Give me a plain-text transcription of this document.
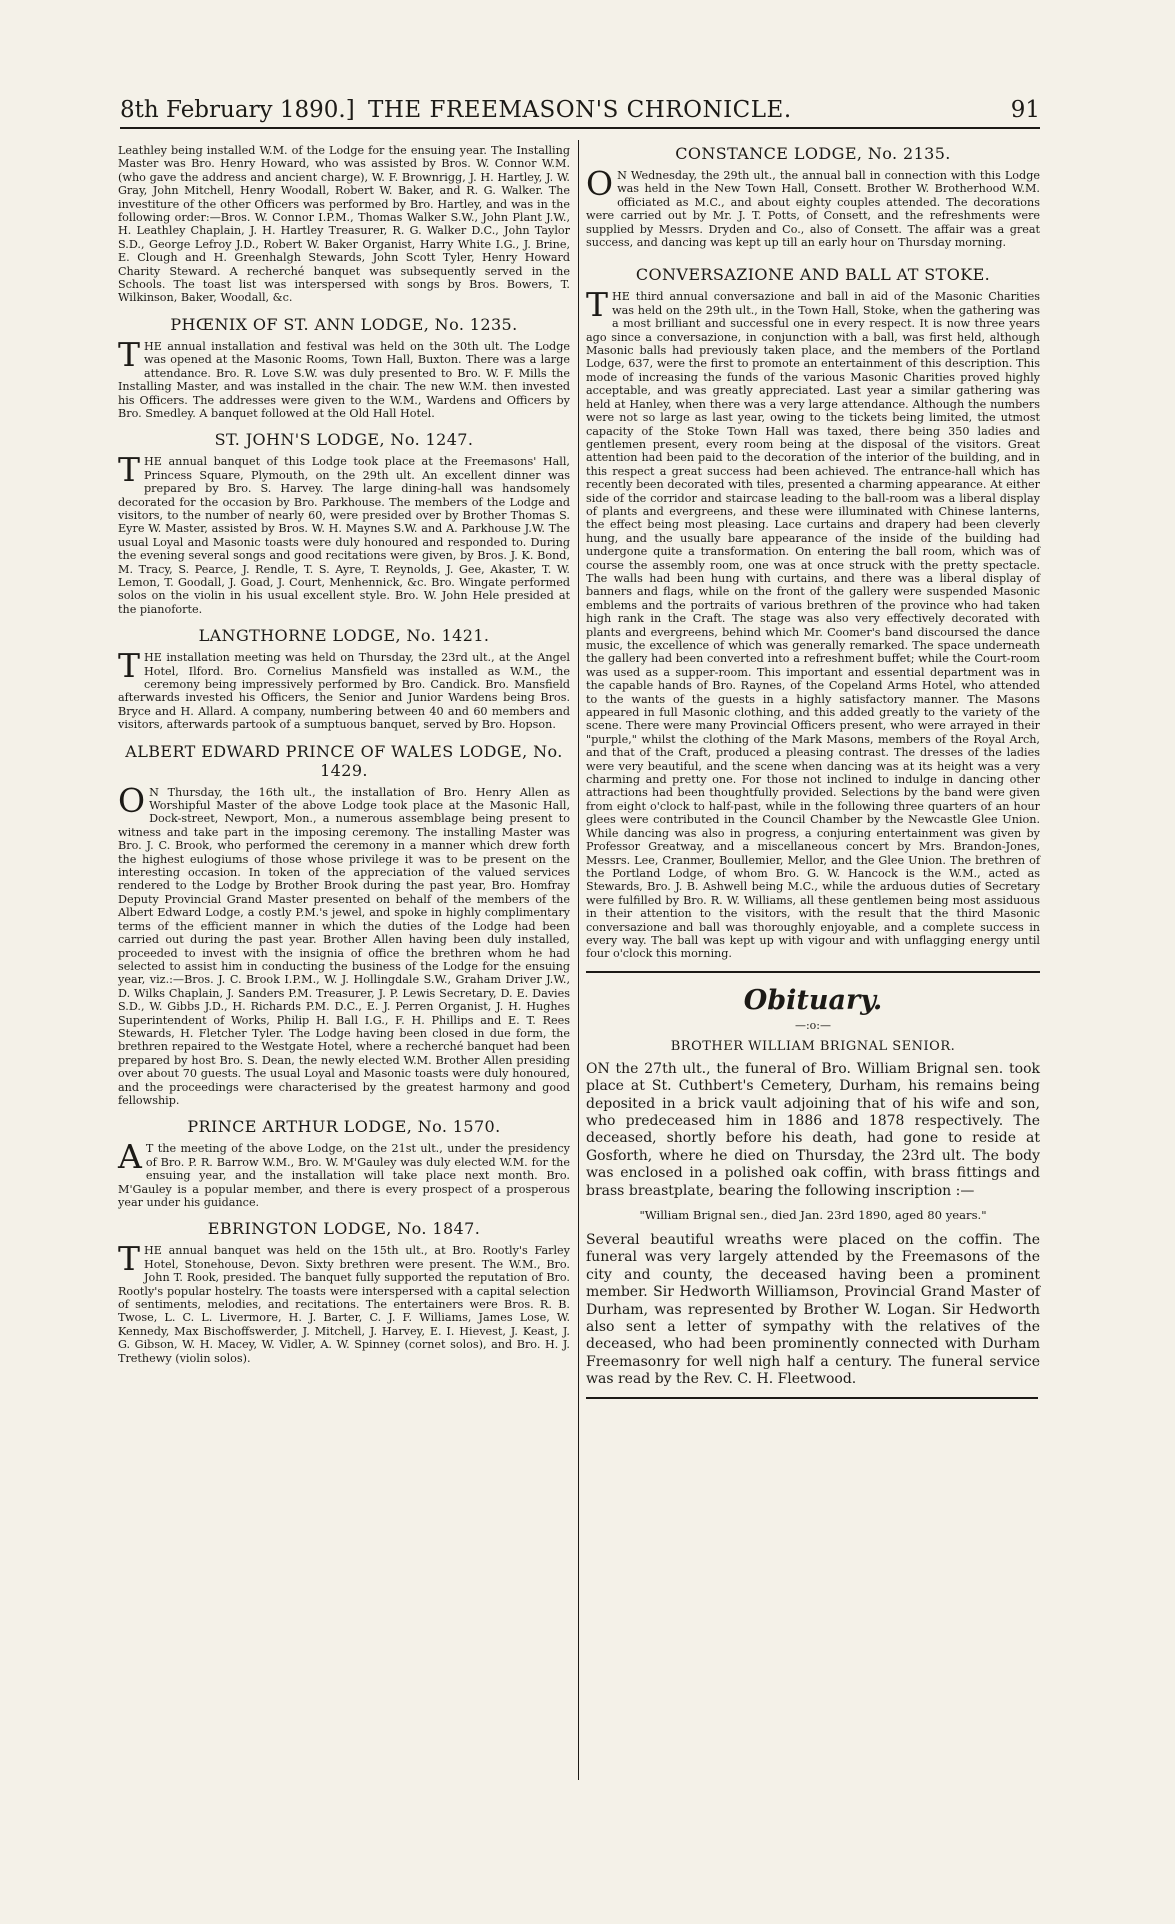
8th February 1890.] THE FREEMASON'S CHRONICLE.	91

Leathley being installed W.M. of the Lodge for the ensuing year. The Installing Master was Bro. Henry Howard, who was assisted by Bros. W. Connor W.M. (who gave the address and ancient charge), W. F. Brownrigg, J. H. Hartley, J. W. Gray, John Mitchell, Henry Woodall, Robert W. Baker, and R. G. Walker. The investiture of the other Officers was performed by Bro. Hartley, and was in the following order:—Bros. W. Connor I.P.M., Thomas Walker S.W., John Plant J.W., H. Leathley Chaplain, J. H. Hartley Treasurer, R. G. Walker D.C., John Taylor S.D., George Lefroy J.D., Robert W. Baker Organist, Harry White I.G., J. Brine, E. Clough and H. Greenhalgh Stewards, John Scott Tyler, Henry Howard Charity Steward. A recherché banquet was subsequently served in the Schools. The toast list was interspersed with songs by Bros. Bowers, T. Wilkinson, Baker, Woodall, &c.

PHŒNIX OF ST. ANN LODGE, No. 1235.

THE annual installation and festival was held on the 30th ult. The Lodge was opened at the Masonic Rooms, Town Hall, Buxton. There was a large attendance. Bro. R. Love S.W. was duly presented to Bro. W. F. Mills the Installing Master, and was installed in the chair. The new W.M. then invested his Officers. The addresses were given to the W.M., Wardens and Officers by Bro. Smedley. A banquet followed at the Old Hall Hotel.

ST. JOHN'S LODGE, No. 1247.

THE annual banquet of this Lodge took place at the Freemasons' Hall, Princess Square, Plymouth, on the 29th ult. An excellent dinner was prepared by Bro. S. Harvey. The large dining-hall was handsomely decorated for the occasion by Bro. Parkhouse. The members of the Lodge and visitors, to the number of nearly 60, were presided over by Brother Thomas S. Eyre W. Master, assisted by Bros. W. H. Maynes S.W. and A. Parkhouse J.W. The usual Loyal and Masonic toasts were duly honoured and responded to. During the evening several songs and good recitations were given, by Bros. J. K. Bond, M. Tracy, S. Pearce, J. Rendle, T. S. Ayre, T. Reynolds, J. Gee, Akaster, T. W. Lemon, T. Goodall, J. Goad, J. Court, Menhennick, &c. Bro. Wingate performed solos on the violin in his usual excellent style. Bro. W. John Hele presided at the pianoforte.

LANGTHORNE LODGE, No. 1421.

THE installation meeting was held on Thursday, the 23rd ult., at the Angel Hotel, Ilford. Bro. Cornelius Mansfield was installed as W.M., the ceremony being impressively performed by Bro. Candick. Bro. Mansfield afterwards invested his Officers, the Senior and Junior Wardens being Bros. Bryce and H. Allard. A company, numbering between 40 and 60 members and visitors, afterwards partook of a sumptuous banquet, served by Bro. Hopson.

ALBERT EDWARD PRINCE OF WALES LODGE, No. 1429.

ON Thursday, the 16th ult., the installation of Bro. Henry Allen as Worshipful Master of the above Lodge took place at the Masonic Hall, Dock-street, Newport, Mon., a numerous assemblage being present to witness and take part in the imposing ceremony. The installing Master was Bro. J. C. Brook, who performed the ceremony in a manner which drew forth the highest eulogiums of those whose privilege it was to be present on the interesting occasion. In token of the appreciation of the valued services rendered to the Lodge by Brother Brook during the past year, Bro. Homfray Deputy Provincial Grand Master presented on behalf of the members of the Albert Edward Lodge, a costly P.M.'s jewel, and spoke in highly complimentary terms of the efficient manner in which the duties of the Lodge had been carried out during the past year. Brother Allen having been duly installed, proceeded to invest with the insignia of office the brethren whom he had selected to assist him in conducting the business of the Lodge for the ensuing year, viz.:—Bros. J. C. Brook I.P.M., W. J. Hollingdale S.W., Graham Driver J.W., D. Wilks Chaplain, J. Sanders P.M. Treasurer, J. P. Lewis Secretary, D. E. Davies S.D., W. Gibbs J.D., H. Richards P.M. D.C., E. J. Perren Organist, J. H. Hughes Superintendent of Works, Philip H. Ball I.G., F. H. Phillips and E. T. Rees Stewards, H. Fletcher Tyler. The Lodge having been closed in due form, the brethren repaired to the Westgate Hotel, where a recherché banquet had been prepared by host Bro. S. Dean, the newly elected W.M. Brother Allen presiding over about 70 guests. The usual Loyal and Masonic toasts were duly honoured, and the proceedings were characterised by the greatest harmony and good fellowship.

PRINCE ARTHUR LODGE, No. 1570.

AT the meeting of the above Lodge, on the 21st ult., under the presidency of Bro. P. R. Barrow W.M., Bro. W. M'Gauley was duly elected W.M. for the ensuing year, and the installation will take place next month. Bro. M'Gauley is a popular member, and there is every prospect of a prosperous year under his guidance.

EBRINGTON LODGE, No. 1847.

THE annual banquet was held on the 15th ult., at Bro. Rootly's Farley Hotel, Stonehouse, Devon. Sixty brethren were present. The W.M., Bro. John T. Rook, presided. The banquet fully supported the reputation of Bro. Rootly's popular hostelry. The toasts were interspersed with a capital selection of sentiments, melodies, and recitations. The entertainers were Bros. R. B. Twose, L. C. L. Livermore, H. J. Barter, C. J. F. Williams, James Lose, W. Kennedy, Max Bischoffswerder, J. Mitchell, J. Harvey, E. I. Hievest, J. Keast, J. G. Gibson, W. H. Macey, W. Vidler, A. W. Spinney (cornet solos), and Bro. H. J. Trethewy (violin solos).

CONSTANCE LODGE, No. 2135.

ON Wednesday, the 29th ult., the annual ball in connection with this Lodge was held in the New Town Hall, Consett. Brother W. Brotherhood W.M. officiated as M.C., and about eighty couples attended. The decorations were carried out by Mr. J. T. Potts, of Consett, and the refreshments were supplied by Messrs. Dryden and Co., also of Consett. The affair was a great success, and dancing was kept up till an early hour on Thursday morning.

CONVERSAZIONE AND BALL AT STOKE.

THE third annual conversazione and ball in aid of the Masonic Charities was held on the 29th ult., in the Town Hall, Stoke, when the gathering was a most brilliant and successful one in every respect. It is now three years ago since a conversazione, in conjunction with a ball, was first held, although Masonic balls had previously taken place, and the members of the Portland Lodge, 637, were the first to promote an entertainment of this description. This mode of increasing the funds of the various Masonic Charities proved highly acceptable, and was greatly appreciated. Last year a similar gathering was held at Hanley, when there was a very large attendance. Although the numbers were not so large as last year, owing to the tickets being limited, the utmost capacity of the Stoke Town Hall was taxed, there being 350 ladies and gentlemen present, every room being at the disposal of the visitors. Great attention had been paid to the decoration of the interior of the building, and in this respect a great success had been achieved. The entrance-hall which has recently been decorated with tiles, presented a charming appearance. At either side of the corridor and staircase leading to the ball-room was a liberal display of plants and evergreens, and these were illuminated with Chinese lanterns, the effect being most pleasing. Lace curtains and drapery had been cleverly hung, and the usually bare appearance of the inside of the building had undergone quite a transformation. On entering the ball room, which was of course the assembly room, one was at once struck with the pretty spectacle. The walls had been hung with curtains, and there was a liberal display of banners and flags, while on the front of the gallery were suspended Masonic emblems and the portraits of various brethren of the province who had taken high rank in the Craft. The stage was also very effectively decorated with plants and evergreens, behind which Mr. Coomer's band discoursed the dance music, the excellence of which was generally remarked. The space underneath the gallery had been converted into a refreshment buffet; while the Court-room was used as a supper-room. This important and essential department was in the capable hands of Bro. Raynes, of the Copeland Arms Hotel, who attended to the wants of the guests in a highly satisfactory manner. The Masons appeared in full Masonic clothing, and this added greatly to the variety of the scene. There were many Provincial Officers present, who were arrayed in their "purple," whilst the clothing of the Mark Masons, members of the Royal Arch, and that of the Craft, produced a pleasing contrast. The dresses of the ladies were very beautiful, and the scene when dancing was at its height was a very charming and pretty one. For those not inclined to indulge in dancing other attractions had been thoughtfully provided. Selections by the band were given from eight o'clock to half-past, while in the following three quarters of an hour glees were contributed in the Council Chamber by the Newcastle Glee Union. While dancing was also in progress, a conjuring entertainment was given by Professor Greatway, and a miscellaneous concert by Mrs. Brandon-Jones, Messrs. Lee, Cranmer, Boullemier, Mellor, and the Glee Union. The brethren of the Portland Lodge, of whom Bro. G. W. Hancock is the W.M., acted as Stewards, Bro. J. B. Ashwell being M.C., while the arduous duties of Secretary were fulfilled by Bro. R. W. Williams, all these gentlemen being most assiduous in their attention to the visitors, with the result that the third Masonic conversazione and ball was thoroughly enjoyable, and a complete success in every way. The ball was kept up with vigour and with unflagging energy until four o'clock this morning.

Obituary.
—:o:—
BROTHER WILLIAM BRIGNAL SENIOR.

ON the 27th ult., the funeral of Bro. William Brignal sen. took place at St. Cuthbert's Cemetery, Durham, his remains being deposited in a brick vault adjoining that of his wife and son, who predeceased him in 1886 and 1878 respectively. The deceased, shortly before his death, had gone to reside at Gosforth, where he died on Thursday, the 23rd ult. The body was enclosed in a polished oak coffin, with brass fittings and brass breastplate, bearing the following inscription :—

"William Brignal sen., died Jan. 23rd 1890, aged 80 years."

Several beautiful wreaths were placed on the coffin. The funeral was very largely attended by the Freemasons of the city and county, the deceased having been a prominent member. Sir Hedworth Williamson, Provincial Grand Master of Durham, was represented by Brother W. Logan. Sir Hedworth also sent a letter of sympathy with the relatives of the deceased, who had been prominently connected with Durham Freemasonry for well nigh half a century. The funeral service was read by the Rev. C. H. Fleetwood.
